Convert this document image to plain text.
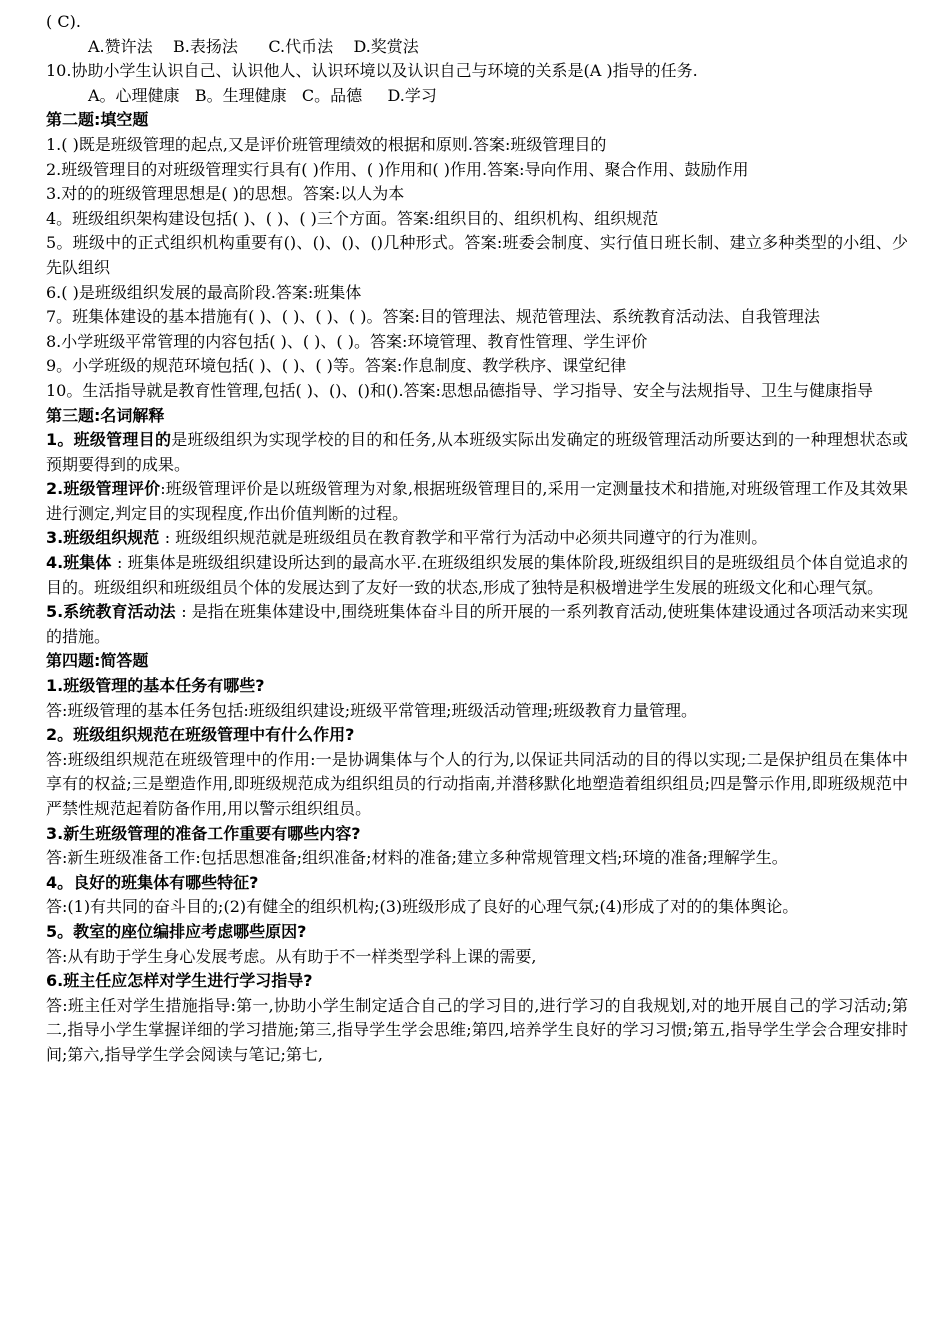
( C).

A.赞许法    B.表扬法      C.代币法    D.奖赏法

10.协助小学生认识自己、认识他人、认识环境以及认识自己与环境的关系是(A )指导的任务.

A。心理健康   B。生理健康   C。品德     D.学习

第二题:填空题

1.( )既是班级管理的起点,又是评价班管理绩效的根据和原则.答案:班级管理目的

2.班级管理目的对班级管理实行具有( )作用、( )作用和( )作用.答案:导向作用、聚合作用、鼓励作用

3.对的的班级管理思想是( )的思想。答案:以人为本

4。班级组织架构建设包括( )、( )、( )三个方面。答案:组织目的、组织机构、组织规范

5。班级中的正式组织机构重要有()、()、()、()几种形式。答案:班委会制度、实行值日班长制、建立多种类型的小组、少先队组织

6.( )是班级组织发展的最高阶段.答案:班集体

7。班集体建设的基本措施有( )、( )、( )、( )。答案:目的管理法、规范管理法、系统教育活动法、自我管理法

8.小学班级平常管理的内容包括( )、( )、( )。答案:环境管理、教育性管理、学生评价

9。小学班级的规范环境包括( )、( )、( )等。答案:作息制度、教学秩序、课堂纪律

10。生活指导就是教育性管理,包括( )、()、()和().答案:思想品德指导、学习指导、安全与法规指导、卫生与健康指导

第三题:名词解释

1。班级管理目的是班级组织为实现学校的目的和任务,从本班级实际出发确定的班级管理活动所要达到的一种理想状态或预期要得到的成果。

2.班级管理评价:班级管理评价是以班级管理为对象,根据班级管理目的,采用一定测量技术和措施,对班级管理工作及其效果进行测定,判定目的实现程度,作出价值判断的过程。

3.班级组织规范 : 班级组织规范就是班级组员在教育教学和平常行为活动中必须共同遵守的行为准则。

4.班集体 : 班集体是班级组织建设所达到的最高水平.在班级组织发展的集体阶段,班级组织目的是班级组员个体自觉追求的目的。班级组织和班级组员个体的发展达到了友好一致的状态,形成了独特是积极增进学生发展的班级文化和心理气氛。

5.系统教育活动法 : 是指在班集体建设中,围绕班集体奋斗目的所开展的一系列教育活动,使班集体建设通过各项活动来实现的措施。

第四题:简答题

1.班级管理的基本任务有哪些?

答:班级管理的基本任务包括:班级组织建设;班级平常管理;班级活动管理;班级教育力量管理。

2。班级组织规范在班级管理中有什么作用?

答:班级组织规范在班级管理中的作用:一是协调集体与个人的行为,以保证共同活动的目的得以实现;二是保护组员在集体中享有的权益;三是塑造作用,即班级规范成为组织组员的行动指南,并潜移默化地塑造着组织组员;四是警示作用,即班级规范中严禁性规范起着防备作用,用以警示组织组员。

3.新生班级管理的准备工作重要有哪些内容?

答:新生班级准备工作:包括思想准备;组织准备;材料的准备;建立多种常规管理文档;环境的准备;理解学生。

4。良好的班集体有哪些特征?

答:(1)有共同的奋斗目的;(2)有健全的组织机构;(3)班级形成了良好的心理气氛;(4)形成了对的的集体舆论。

5。教室的座位编排应考虑哪些原因?

答:从有助于学生身心发展考虑。从有助于不一样类型学科上课的需要,

6.班主任应怎样对学生进行学习指导?

答:班主任对学生措施指导:第一,协助小学生制定适合自己的学习目的,进行学习的自我规划,对的地开展自己的学习活动;第二,指导小学生掌握详细的学习措施;第三,指导学生学会思维;第四,培养学生良好的学习习惯;第五,指导学生学会合理安排时间;第六,指导学生学会阅读与笔记;第七,
